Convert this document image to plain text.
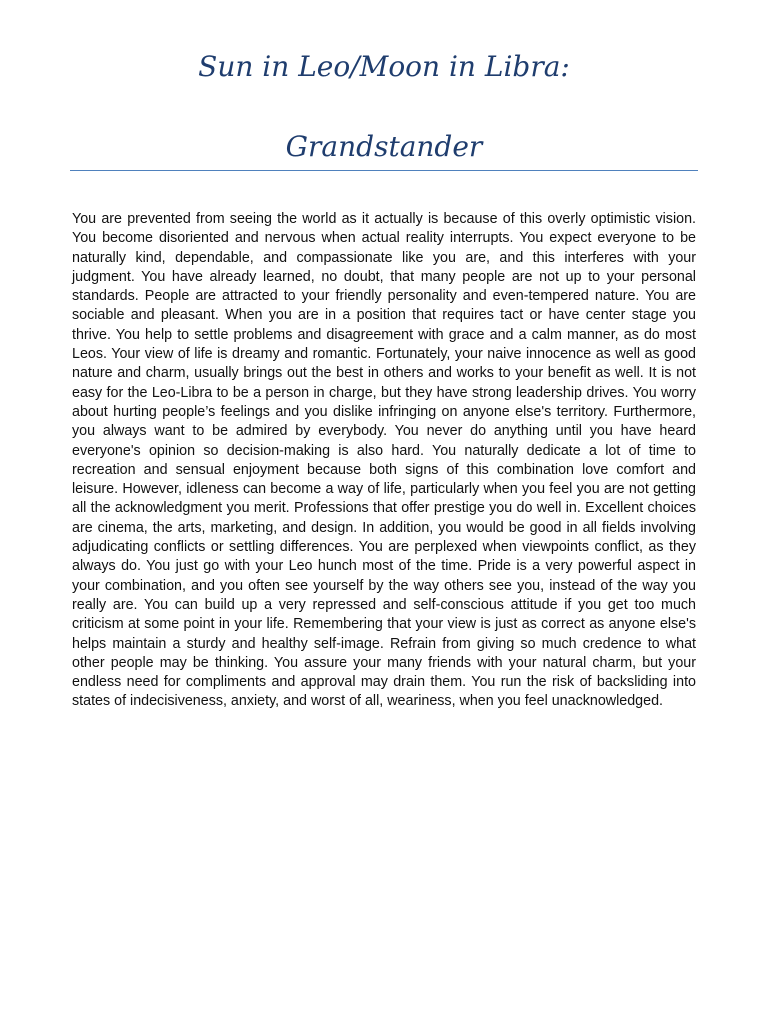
Sun in Leo/Moon in Libra:
Grandstander

You are prevented from seeing the world as it actually is because of this overly optimistic vision. You become disoriented and nervous when actual reality interrupts. You expect everyone to be naturally kind, dependable, and compassionate like you are, and this interferes with your judgment. You have already learned, no doubt, that many people are not up to your personal standards. People are attracted to your friendly personality and even-tempered nature. You are sociable and pleasant. When you are in a position that requires tact or have center stage you thrive. You help to settle problems and disagreement with grace and a calm manner, as do most Leos. Your view of life is dreamy and romantic. Fortunately, your naive innocence as well as good nature and charm, usually brings out the best in others and works to your benefit as well. It is not easy for the Leo-Libra to be a person in charge, but they have strong leadership drives. You worry about hurting people’s feelings and you dislike infringing on anyone else's territory. Furthermore, you always want to be admired by everybody. You never do anything until you have heard everyone's opinion so decision-making is also hard. You naturally dedicate a lot of time to recreation and sensual enjoyment because both signs of this combination love comfort and leisure. However, idleness can become a way of life, particularly when you feel you are not getting all the acknowledgment you merit. Professions that offer prestige you do well in. Excellent choices are cinema, the arts, marketing, and design. In addition, you would be good in all fields involving adjudicating conflicts or settling differences. You are perplexed when viewpoints conflict, as they always do. You just go with your Leo hunch most of the time. Pride is a very powerful aspect in your combination, and you often see yourself by the way others see you, instead of the way you really are. You can build up a very repressed and self-conscious attitude if you get too much criticism at some point in your life. Remembering that your view is just as correct as anyone else's helps maintain a sturdy and healthy self-image. Refrain from giving so much credence to what other people may be thinking. You assure your many friends with your natural charm, but your endless need for compliments and approval may drain them. You run the risk of backsliding into states of indecisiveness, anxiety, and worst of all, weariness, when you feel unacknowledged.
